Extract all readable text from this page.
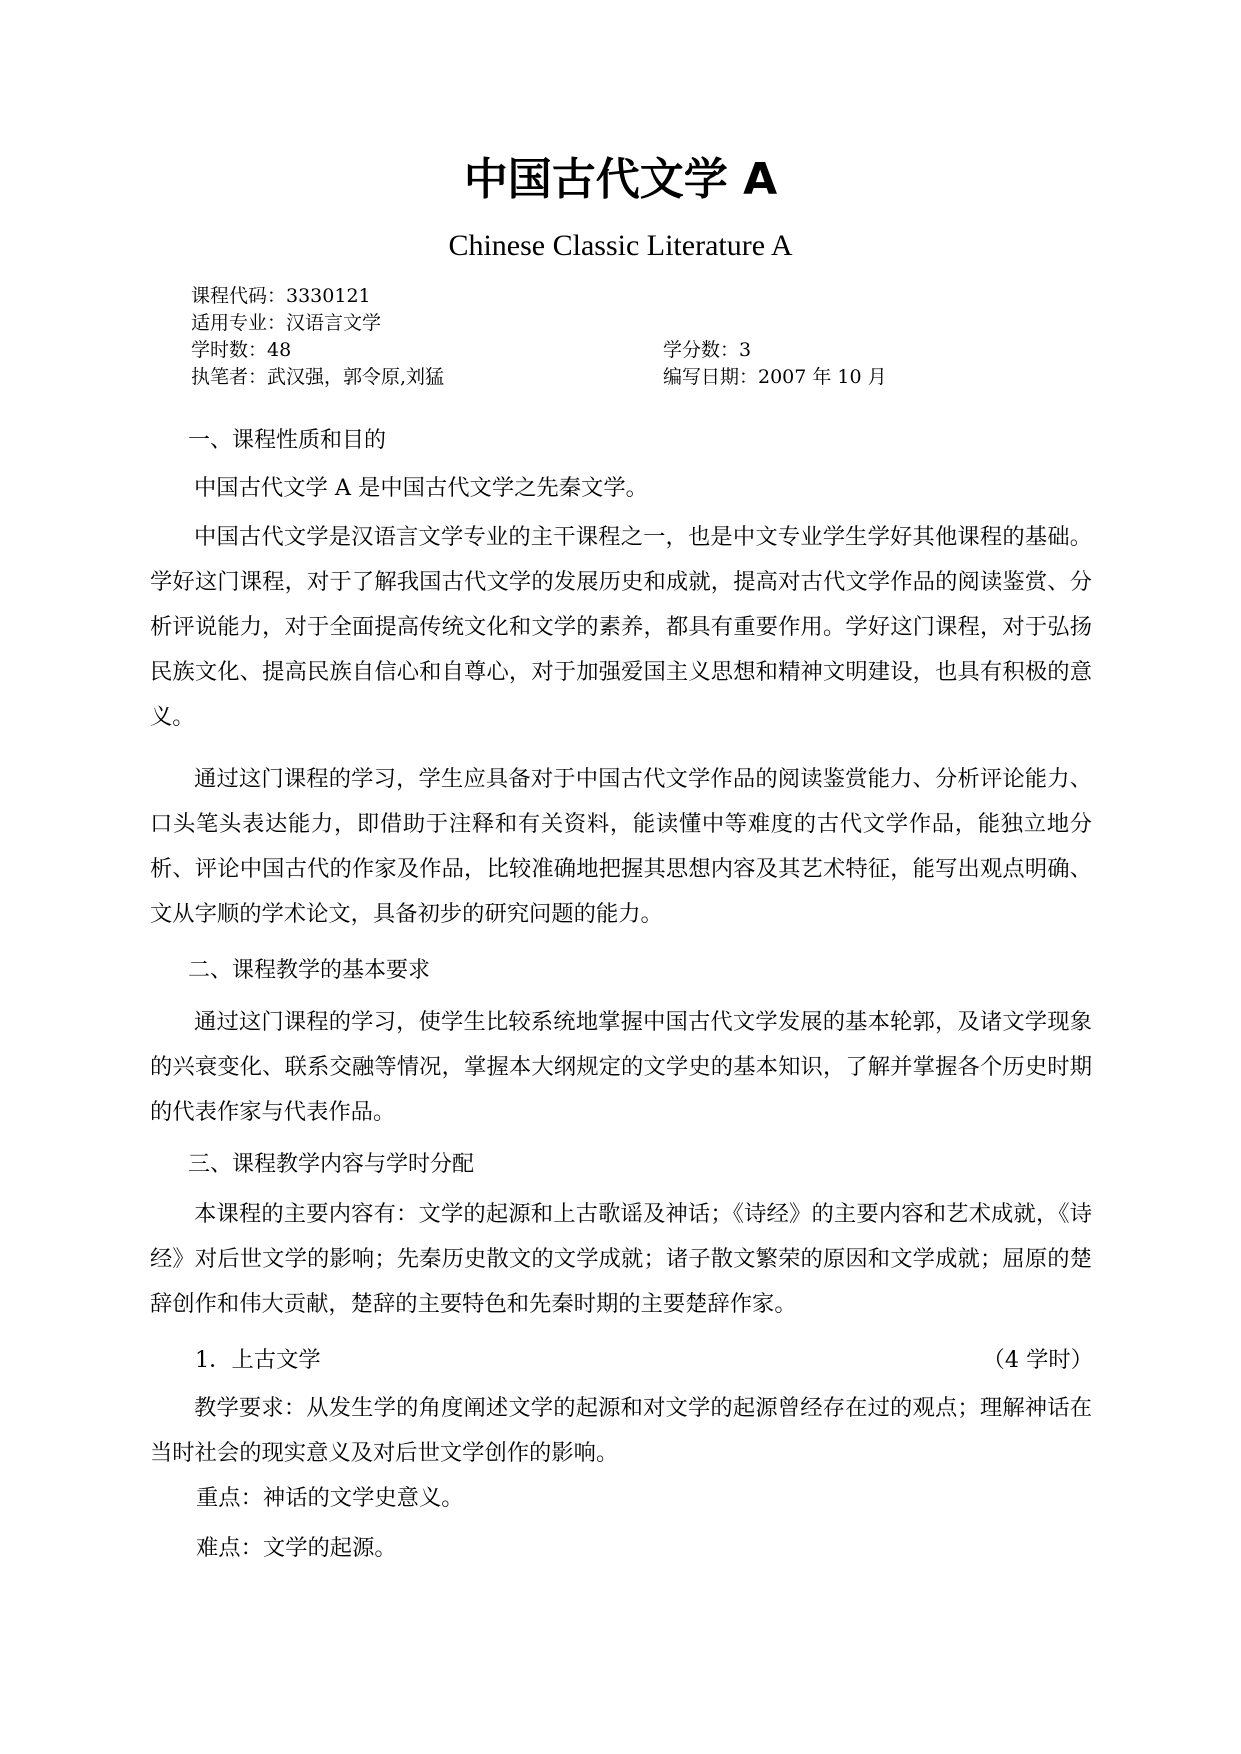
中国古代文学 A
Chinese Classic Literature A
课程代码：3330121
适用专业：汉语言文学
学时数：48	学分数：3
执笔者：武汉强，郭令原,刘猛	编写日期：2007 年 10 月
一、课程性质和目的

中国古代文学 A 是中国古代文学之先秦文学。

中国古代文学是汉语言文学专业的主干课程之一，也是中文专业学生学好其他课程的基础。学好这门课程，对于了解我国古代文学的发展历史和成就，提高对古代文学作品的阅读鉴赏、分析评说能力，对于全面提高传统文化和文学的素养，都具有重要作用。学好这门课程，对于弘扬民族文化、提高民族自信心和自尊心，对于加强爱国主义思想和精神文明建设，也具有积极的意义。

通过这门课程的学习，学生应具备对于中国古代文学作品的阅读鉴赏能力、分析评论能力、口头笔头表达能力，即借助于注释和有关资料，能读懂中等难度的古代文学作品，能独立地分析、评论中国古代的作家及作品，比较准确地把握其思想内容及其艺术特征，能写出观点明确、文从字顺的学术论文，具备初步的研究问题的能力。

二、课程教学的基本要求

通过这门课程的学习，使学生比较系统地掌握中国古代文学发展的基本轮郭，及诸文学现象的兴衰变化、联系交融等情况，掌握本大纲规定的文学史的基本知识，了解并掌握各个历史时期的代表作家与代表作品。

三、课程教学内容与学时分配

本课程的主要内容有：文学的起源和上古歌谣及神话；《诗经》的主要内容和艺术成就，《诗经》对后世文学的影响；先秦历史散文的文学成就；诸子散文繁荣的原因和文学成就；屈原的楚辞创作和伟大贡献，楚辞的主要特色和先秦时期的主要楚辞作家。

1．上古文学	（4 学时）

教学要求：从发生学的角度阐述文学的起源和对文学的起源曾经存在过的观点；理解神话在当时社会的现实意义及对后世文学创作的影响。

重点：神话的文学史意义。
难点：文学的起源。
